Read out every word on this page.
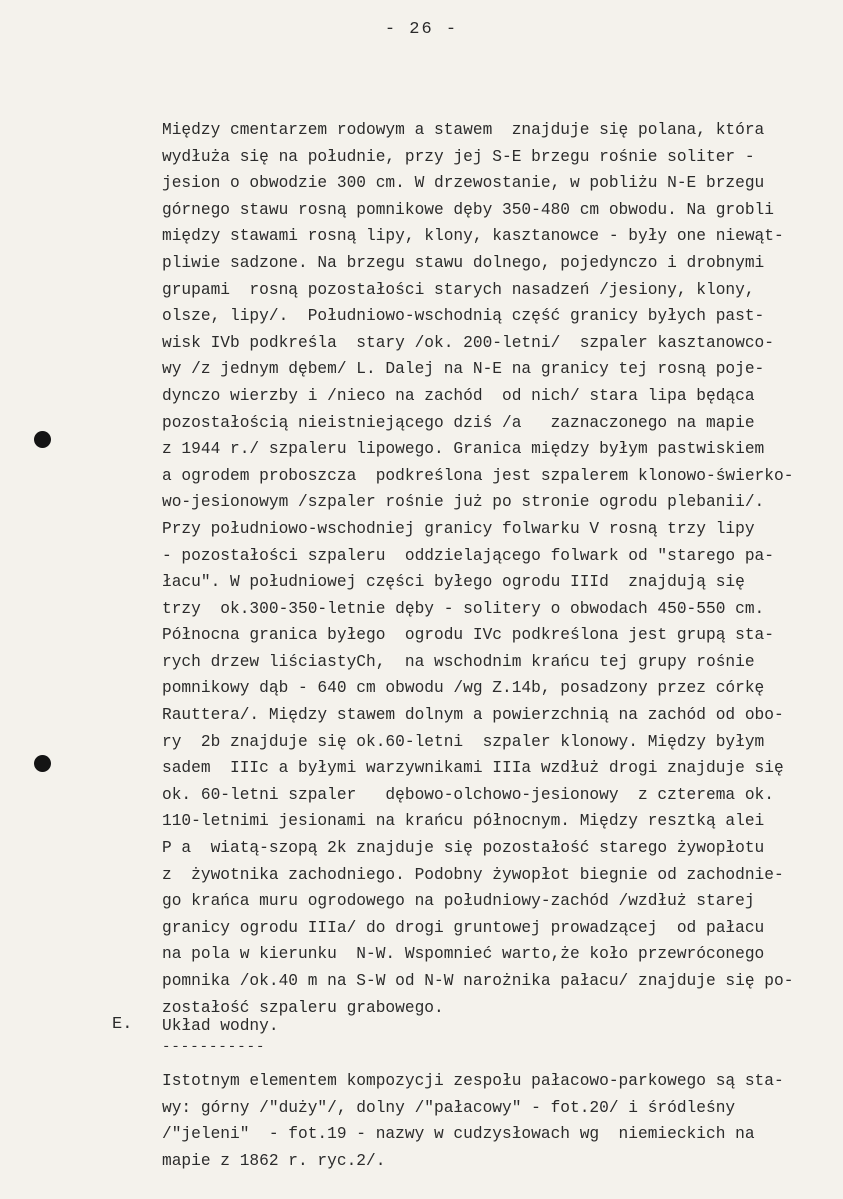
- 26 -
Między cmentarzem rodowym a stawem  znajduje się polana, która
wydłuża się na południe, przy jej S-E brzegu rośnie soliter -
jesion o obwodzie 300 cm. W drzewostanie, w pobliżu N-E brzegu
górnego stawu rosną pomnikowe dęby 350-480 cm obwodu. Na grobli
między stawami rosną lipy, klony, kasztanowce - były one niewąt-
pliwie sadzone. Na brzegu stawu dolnego, pojedynczo i drobnymi
grupami  rosną pozostałości starych nasadzeń /jesiony, klony,
olsze, lipy/.  Południowo-wschodnią część granicy byłych past-
wisk IVb podkreśla  stary /ok. 200-letni/  szpaler kasztanowco-
wy /z jednym dębem/ L. Dalej na N-E na granicy tej rosną poje-
dynczo wierzby i /nieco na zachód  od nich/ stara lipa będąca
pozostałością nieistniejącego dziś /a   zaznaczonego na mapie
z 1944 r./ szpaleru lipowego. Granica między byłym pastwiskiem
a ogrodem proboszcza  podkreślona jest szpalerem klonowo-świerko-
wo-jesionowym /szpaler rośnie już po stronie ogrodu plebanii/.
Przy południowo-wschodniej granicy folwarku V rosną trzy lipy
- pozostałości szpaleru  oddzielającego folwark od "starego pa-
łacu". W południowej części byłego ogrodu IIId  znajdują się
trzy  ok.300-350-letnie dęby - solitery o obwodach 450-550 cm.
Północna granica byłego  ogrodu IVc podkreślona jest grupą sta-
rych drzew liściastyCh,  na wschodnim krańcu tej grupy rośnie
pomnikowy dąb - 640 cm obwodu /wg Z.14b, posadzony przez córkę
Rauttera/. Między stawem dolnym a powierzchnią na zachód od obo-
ry  2b znajduje się ok.60-letni  szpaler klonowy. Między byłym
sadem  IIIc a byłymi warzywnikami IIIa wzdłuż drogi znajduje się
ok. 60-letni szpaler   dębowo-olchowo-jesionowy  z czterema ok.
110-letnimi jesionami na krańcu północnym. Między resztką alei
P a  wiatą-szopą 2k znajduje się pozostałość starego żywopłotu
z  żywotnika zachodniego. Podobny żywopłot biegnie od zachodnie-
go krańca muru ogrodowego na południowy-zachód /wzdłuż starej
granicy ogrodu IIIa/ do drogi gruntowej prowadzącej  od pałacu
na pola w kierunku  N-W. Wspomnieć warto,że koło przewróconego
pomnika /ok.40 m na S-W od N-W narożnika pałacu/ znajduje się po-
zostałość szpaleru grabowego.
E. Układ wodny.
-----------
Istotnym elementem kompozycji zespołu pałacowo-parkowego są sta-
wy: górny /"duży"/, dolny /"pałacowy" - fot.20/ i śródleśny
/"jeleni"  - fot.19 - nazwy w cudzysłowach wg  niemieckich na
mapie z 1862 r. ryc.2/.
